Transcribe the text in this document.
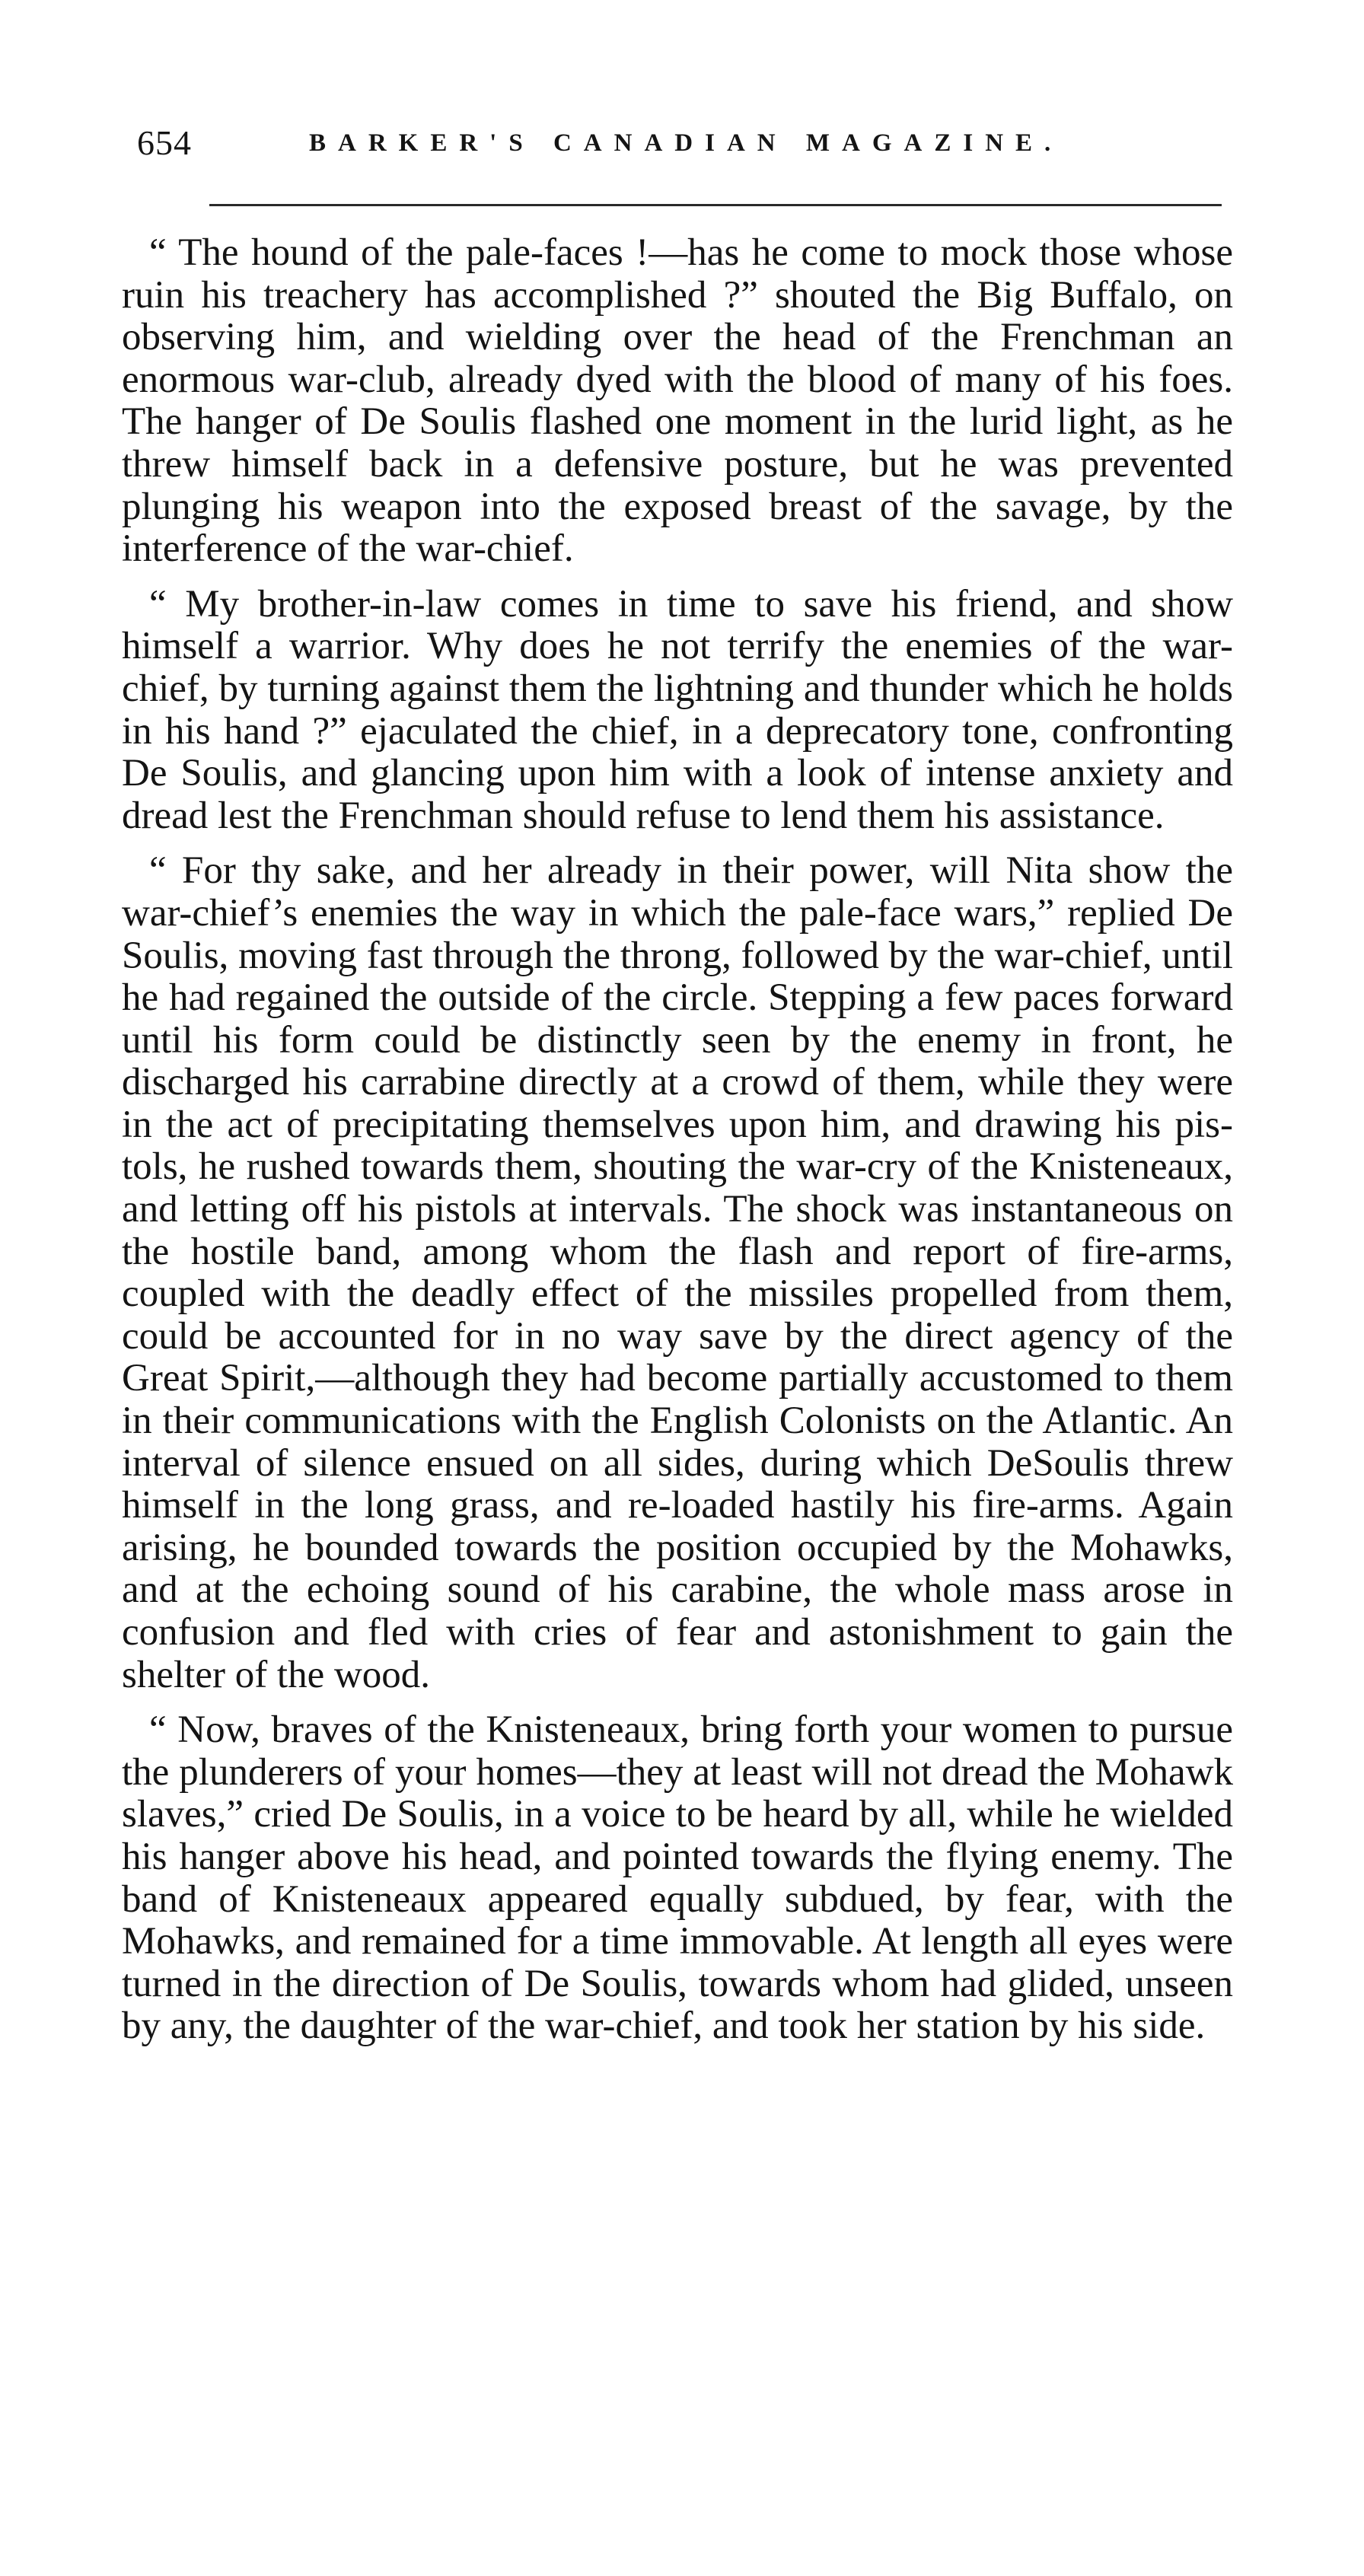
654	BARKER'S CANADIAN MAGAZINE.

“ The hound of the pale-faces !—has he come to mock those whose ruin his treachery has accomplished ?” shouted the Big Buffalo, on observing him, and wielding over the head of the Frenchman an enormous war-club, already dyed with the blood of many of his foes. The hanger of De Soulis flashed one moment in the lurid light, as he threw himself back in a defensive posture, but he was prevented plunging his weapon into the exposed breast of the savage, by the interference of the war-chief.

“ My brother-in-law comes in time to save his friend, and show himself a warrior. Why does he not terrify the enemies of the war-chief, by turning against them the lightning and thunder which he holds in his hand ?” ejaculated the chief, in a deprecatory tone, confronting De Soulis, and glancing upon him with a look of intense anxiety and dread lest the Frenchman should refuse to lend them his assistance.

“ For thy sake, and her already in their power, will Nita show the war-chief’s enemies the way in which the pale-face wars,” replied De Soulis, moving fast through the throng, followed by the war-chief, until he had regained the outside of the circle. Stepping a few paces forward until his form could be distinctly seen by the enemy in front, he discharged his carrabine directly at a crowd of them, while they were in the act of precipitating themselves upon him, and drawing his pistols, he rushed towards them, shouting the war-cry of the Knisteneaux, and letting off his pistols at intervals. The shock was instantaneous on the hostile band, among whom the flash and report of fire-arms, coupled with the deadly effect of the missiles propelled from them, could be accounted for in no way save by the direct agency of the Great Spirit,—although they had become partially accustomed to them in their communications with the English Colonists on the Atlantic. An interval of silence ensued on all sides, during which DeSoulis threw himself in the long grass, and re-loaded hastily his fire-arms. Again arising, he bounded towards the position occupied by the Mohawks, and at the echoing sound of his carabine, the whole mass arose in confusion and fled with cries of fear and astonishment to gain the shelter of the wood.

“ Now, braves of the Knisteneaux, bring forth your women to pursue the plunderers of your homes—they at least will not dread the Mohawk slaves,” cried De Soulis, in a voice to be heard by all, while he wielded his hanger above his head, and pointed towards the flying enemy. The band of Knisteneaux appeared equally subdued, by fear, with the Mohawks, and remained for a time immovable. At length all eyes were turned in the direction of De Soulis, towards whom had glided, unseen by any, the daughter of the war-chief, and took her station by his side.
